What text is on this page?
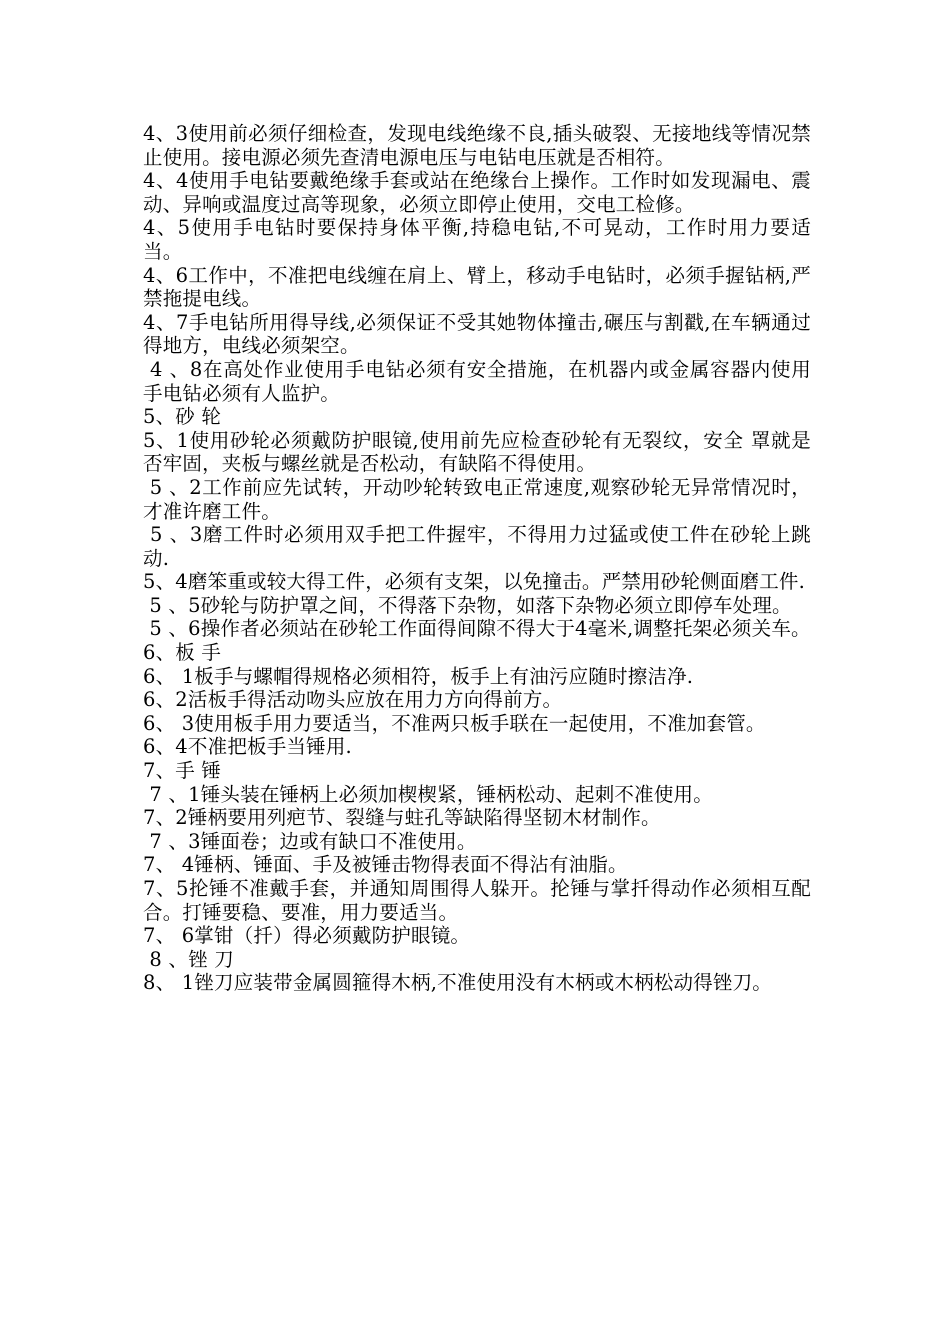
4、3使用前必须仔细检查，发现电线绝缘不良,插头破裂、无接地线等情况禁止使用。接电源必须先查清电源电压与电钻电压就是否相符。

4、4使用手电钻要戴绝缘手套或站在绝缘台上操作。工作时如发现漏电、震动、异响或温度过高等现象，必须立即停止使用，交电工检修。

4、5使用手电钻时要保持身体平衡,持稳电钻,不可晃动，工作时用力要适当。

4、6工作中，不准把电线缠在肩上、臂上，移动手电钻时，必须手握钻柄,严禁拖提电线。

4、7手电钻所用得导线,必须保证不受其她物体撞击,碾压与割戳,在车辆通过得地方，电线必须架空。

4 、8在高处作业使用手电钻必须有安全措施，在机器内或金属容器内使用手电钻必须有人监护。

5、砂 轮

5、1使用砂轮必须戴防护眼镜,使用前先应检查砂轮有无裂纹，安全 罩就是否牢固，夹板与螺丝就是否松动，有缺陷不得使用。

5 、2工作前应先试转，开动吵轮转致电正常速度,观察砂轮无异常情况时，才准许磨工件。

5 、3磨工件时必须用双手把工件握牢，不得用力过猛或使工件在砂轮上跳动.

5、4磨笨重或较大得工件，必须有支架，以免撞击。严禁用砂轮侧面磨工件.

5 、5砂轮与防护罩之间，不得落下杂物，如落下杂物必须立即停车处理。

5 、6操作者必须站在砂轮工作面得间隙不得大于4毫米,调整托架必须关车。

6、板 手

6、 1板手与螺帽得规格必须相符，板手上有油污应随时擦洁净.

6、2活板手得活动吻头应放在用力方向得前方。

6、 3使用板手用力要适当，不准两只板手联在一起使用，不准加套管。

6、4不准把板手当锤用.

7、手 锤

7 、1锤头装在锤柄上必须加楔楔紧，锤柄松动、起刺不准使用。

7、2锤柄要用列疤节、裂缝与蛀孔等缺陷得坚韧木材制作。

7 、3锤面卷；边或有缺口不准使用。

7、 4锤柄、锤面、手及被锤击物得表面不得沾有油脂。

7、5抡锤不准戴手套，并通知周围得人躲开。抡锤与掌扦得动作必须相互配合。打锤要稳、要准，用力要适当。

7、 6掌钳（扦）得必须戴防护眼镜。

8 、锉 刀

8、 1锉刀应装带金属圆箍得木柄,不准使用没有木柄或木柄松动得锉刀。
